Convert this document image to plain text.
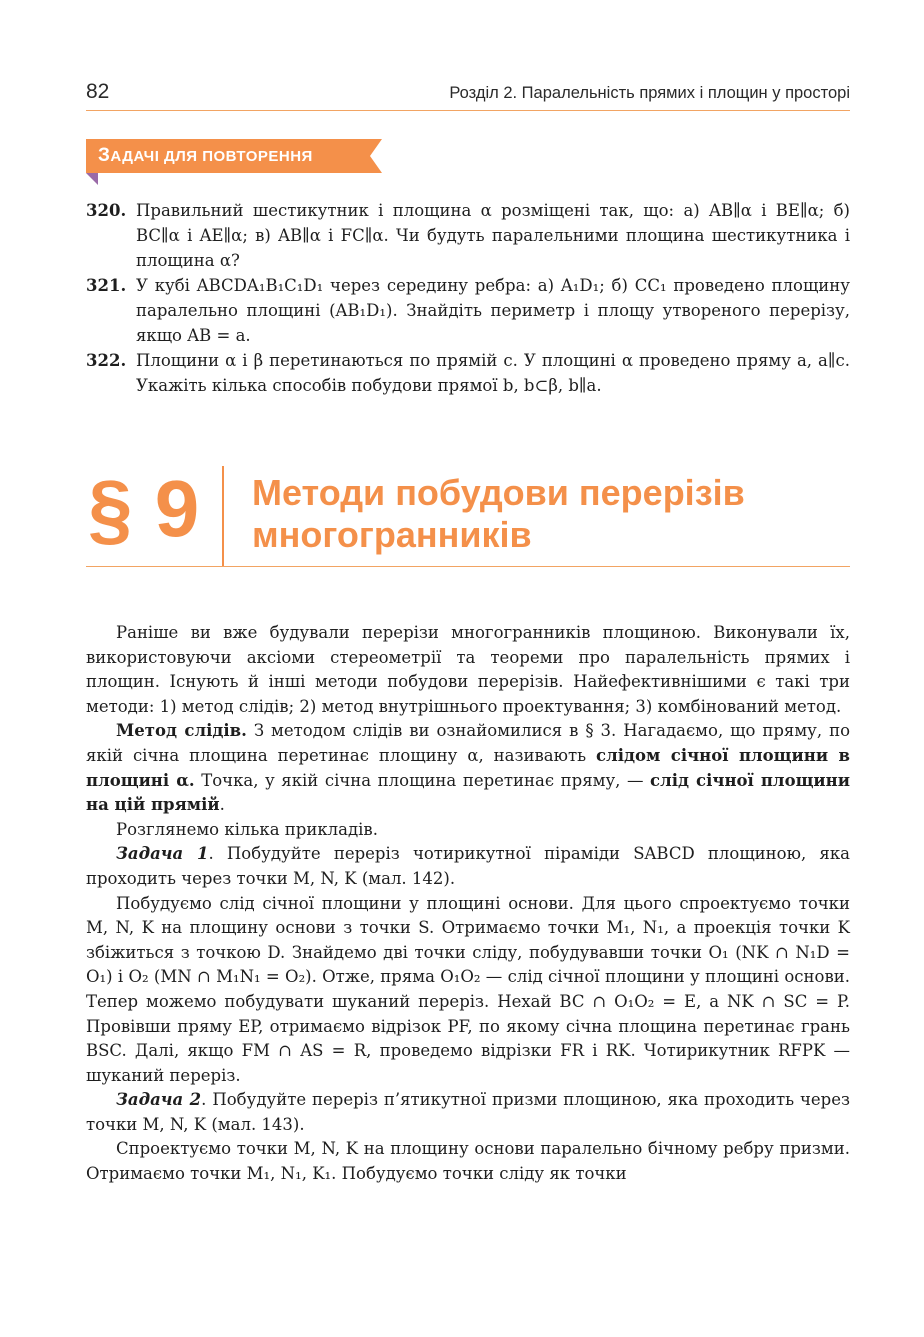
82	Розділ 2. Паралельність прямих і площин у просторі
ЗАДАЧІ ДЛЯ ПОВТОРЕННЯ
320. Правильний шестикутник і площина α розміщені так, що: а) AB∥α і BE∥α; б) BC∥α і AE∥α; в) AB∥α і FC∥α. Чи будуть паралельними площина шестикутника і площина α?
321. У кубі ABCDA₁B₁C₁D₁ через середину ребра: а) A₁D₁; б) CC₁ проведено площину паралельно площині (AB₁D₁). Знайдіть периметр і площу утвореного перерізу, якщо AB = a.
322. Площини α і β перетинаються по прямій c. У площині α проведено пряму a, a∥c. Укажіть кілька способів побудови прямої b, b⊂β, b∥a.
§ 9 Методи побудови перерізів
многогранників

Раніше ви вже будували перерізи многогранників площиною. Виконували їх, використовуючи аксіоми стереометрії та теореми про паралельність прямих і площин. Існують й інші методи побудови перерізів. Найефективнішими є такі три методи: 1) метод слідів; 2) метод внутрішнього проектування; 3) комбінований метод.

Метод слідів. З методом слідів ви ознайомилися в § 3. Нагадаємо, що пряму, по якій січна площина перетинає площину α, називають слідом січної площини в площині α. Точка, у якій січна площина перетинає пряму, — слід січної площини на цій прямій.

Розглянемо кілька прикладів.

Задача 1. Побудуйте переріз чотирикутної піраміди SABCD площиною, яка проходить через точки M, N, K (мал. 142).

Побудуємо слід січної площини у площині основи. Для цього спроектуємо точки M, N, K на площину основи з точки S. Отримаємо точки M₁, N₁, а проекція точки K збіжиться з точкою D. Знайдемо дві точки сліду, побудувавши точки O₁ (NK ∩ N₁D = O₁) і O₂ (MN ∩ M₁N₁ = O₂). Отже, пряма O₁O₂ — слід січної площини у площині основи. Тепер можемо побудувати шуканий переріз. Нехай BC ∩ O₁O₂ = E, а NK ∩ SC = P. Провівши пряму EP, отримаємо відрізок PF, по якому січна площина перетинає грань BSC. Далі, якщо FM ∩ AS = R, проведемо відрізки FR і RK. Чотирикутник RFPK — шуканий переріз.

Задача 2. Побудуйте переріз п’ятикутної призми площиною, яка проходить через точки M, N, K (мал. 143).

Спроектуємо точки M, N, K на площину основи паралельно бічному ребру призми. Отримаємо точки M₁, N₁, K₁. Побудуємо точки сліду як точки
